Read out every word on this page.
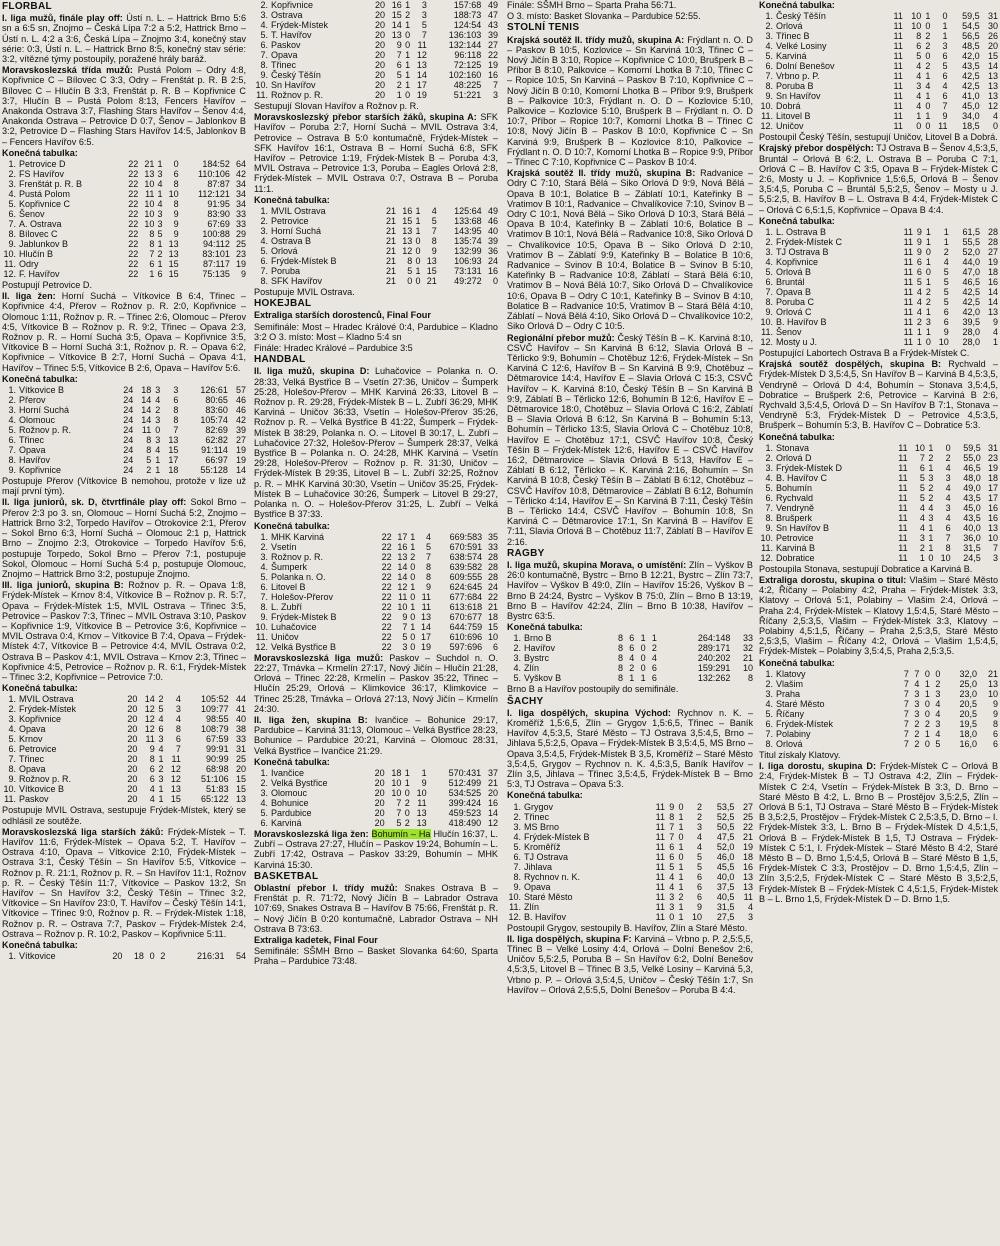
FLORBAL

I. liga mužů, finále play off: Ústí n. L. – Hattrick Brno 5:6 sn a 6:5 sn, Znojmo – Česká Lípa 7:2 a 5:2, Hattrick Brno – Ústí n. L. 4:2 a 3:6, Česká Lípa – Znojmo 3:4, konečný stav série: 0:3, Ústí n. L. – Hattrick Brno 8:5, konečný stav série: 3:2, vítězné týmy postoupily, poražené hrály baráž.

Moravskoslezská třída mužů: Pustá Polom – Odry 4:8, Kopřivnice C – Bílovec C 3:3, Odry – Frenštát p. R. B 2:5, Bílovec C – Hlučín B 3:3, Frenštát p. R. B – Kopřivnice C 3:7, Hlučín B – Pustá Polom 8:13, Fencers Havířov – Anakonda Ostrava 3:7, Flashing Stars Havířov – Šenov 4:4, Anakonda Ostrava – Petrovice D 0:7, Šenov – Jablonkov B 3:2, Petrovice D – Flashing Stars Havířov 14:5, Jablonkov B – Fencers Havířov 6:5.

Konečná tabulka:

1.	Petrovice D	22	21	1	0	184:52	64
2.	FS Havířov	22	13	3	6	110:106	42
3.	Frenštát p. R. B	22	10	4	8	87:87	34
4.	Pustá Polom	22	11	1	10	112:121	34
5.	Kopřivnice C	22	10	4	8	91:95	34
6.	Šenov	22	10	3	9	83:90	33
7.	A. Ostrava	22	10	3	9	67:69	33
8.	Bílovec C	22	8	5	9	100:88	29
9.	Jablunkov B	22	8	1	13	94:112	25
10.	Hlučín B	22	7	2	13	83:101	23
11.	Odry	22	6	1	15	87:117	19
12.	F. Havířov	22	1	6	15	75:135	9

Postupují Petrovice D.

II. liga žen: Horní Suchá – Vítkovice B 6:4, Třinec – Kopřivnice 4:4, Přerov – Rožnov p. R. 2:0, Kopřivnice – Olomouc 1:11, Rožnov p. R. – Třinec 2:6, Olomouc – Přerov 4:5, Vítkovice B – Rožnov p. R. 9:2, Třinec – Opava 2:3, Rožnov p. R. – Horní Suchá 3:5, Opava – Kopřivnice 3:5, Vítkovice B – Horní Suchá 3:1, Rožnov p. R. – Opava 6:2, Kopřivnice – Vítkovice B 2:7, Horní Suchá – Opava 4:1, Havířov – Třinec 5:5, Vítkovice B 2:6, Opava – Havířov 5:6.

Konečná tabulka:

1.	Vítkovice B	24	18	3	3	126:61	57
2.	Přerov	24	14	4	6	80:65	46
3.	Horní Suchá	24	14	2	8	83:60	46
4.	Olomouc	24	14	3	8	105:74	42
5.	Rožnov p. R.	24	11	0	7	82:69	39
6.	Třinec	24	8	3	13	62:82	27
7.	Opava	24	8	4	15	91:114	19
8.	Havířov	24	5	1	17	66:97	19
9.	Kopřivnice	24	2	1	18	55:128	14

Postupuje Přerov (Vítkovice B nemohou, protože v lize už mají první tým).

II. liga juniorů, sk. D, čtvrtfinále play off: Sokol Brno – Přerov 2:3 po 3. sn, Olomouc – Horní Suchá 5:2, Znojmo – Hattrick Brno 3:2, Torpedo Havířov – Otrokovice 2:1, Přerov – Sokol Brno 6:3, Horní Suchá – Olomouc 2:1 p, Hattrick Brno – Znojmo 2:3, Otrokovice – Torpedo Havířov 5:6, postupuje Torpedo, Sokol Brno – Přerov 7:1, postupuje Sokol, Olomouc – Horní Suchá 5:4 p, postupuje Olomouc, Znojmo – Hattrick Brno 3:2, postupuje Znojmo.

III. liga juniorů, skupina B: Rožnov p. R. – Opava 1:8, Frýdek-Místek – Krnov 8:4, Vítkovice B – Rožnov p. R. 5:7, Opava – Frýdek-Místek 1:5, MVIL Ostrava – Třinec 3:5, Petrovice – Paskov 7:3, Třinec – MVIL Ostrava 3:10, Paskov – Kopřivnice 1:9, Vítkovice B – Petrovice 3:6, Kopřivnice – MVIL Ostrava 0:4, Krnov – Vítkovice B 7:4, Opava – Frýdek-Místek 4:7, Vítkovice B – Petrovice 4:4, MVIL Ostrava 0:2, Ostrava B – Paskov 4:1, MVIL Ostrava – Krnov 2:3, Třinec – Kopřivnice 4:5, Petrovice – Rožnov p. R. 6:1, Frýdek-Místek – Třinec 3:2, Kopřivnice – Petrovice 7:0.

Konečná tabulka:

1.	MVIL Ostrava	20	14	2	4	105:52	44
2.	Frýdek-Místek	20	12	5	3	109:77	41
3.	Kopřivnice	20	12	4	4	98:55	40
4.	Opava	20	12	6	8	108:79	38
5.	Krnov	20	11	3	6	67:59	33
6.	Petrovice	20	9	4	7	99:91	31
7.	Třinec	20	8	1	11	90:99	25
8.	Opava	20	6	2	12	68:98	20
9.	Rožnov p. R.	20	6	3	12	51:106	15
10.	Vítkovice B	20	4	1	13	51:83	15
11.	Paskov	20	4	1	15	65:122	13

Postupuje MVIL Ostrava, sestupuje Frýdek-Místek, který se odhlásil ze soutěže.

Moravskoslezská liga starších žáků: Frýdek-Místek – T. Havířov 11:6, Frýdek-Místek – Opava 5:2, T. Havířov – Ostrava 4:10, Opava – Vítkovice 2:10, Frýdek-Místek – Ostrava 3:1, Český Těšín – Sn Havířov 5:5, Vítkovice – Rožnov p. R. 21:1, Rožnov p. R. – Sn Havířov 11:1, Rožnov p. R. – Český Těšín 11:7, Vítkovice – Paskov 13:2, Sn Havířov – Sn Havířov 3:2, Český Těšín – Třinec 3:2, Vítkovice – Sn Havířov 23:0, T. Havířov – Český Těšín 14:1, Vítkovice – Třinec 9:0, Rožnov p. R. – Frýdek-Místek 1:18, Rožnov p. R. – Ostrava 7:7, Paskov – Frýdek-Místek 2:4, Ostrava – Rožnov p. R. 10:2, Paskov – Kopřivnice 5:11.

Konečná tabulka:

1.	Vítkovice	20	18	0	2	216:31	54
2.	Kopřivnice	20	16	1	3	157:68	49
3.	Ostrava	20	15	2	3	188:73	47
4.	Frýdek-Místek	20	14	1	5	124:54	43
5.	T. Havířov	20	13	0	7	136:103	39
6.	Paskov	20	9	0	11	132:144	27
7.	Opava	20	7	1	12	96:118	22
8.	Třinec	20	6	1	13	72:125	19
9.	Český Těšín	20	5	1	14	102:160	16
10.	Sn Havířov	20	2	1	17	48:225	7
11.	Rožnov p. R.	20	1	0	19	51:221	3

Sestupují Slovan Havířov a Rožnov p. R.

Moravskoslezský přebor starších žáků, skupina A: SFK Havířov – Poruba 2:7, Horní Suchá – MVIL Ostrava 3:4, Petrovice – Ostrava B 5:0 kontumačně, Frýdek-Místek – SFK Havířov 16:1, Ostrava B – Horní Suchá 6:8, SFK Havířov – Petrovice 1:19, Frýdek-Místek B – Poruba 4:3, MVIL Ostrava – Petrovice 1:3, Poruba – Eagles Orlová 2:8, Frýdek-Místek – MVIL Ostrava 0:7, Ostrava B – Poruba 11:1.

Konečná tabulka:

1.	MVIL Ostrava	21	16	1	4	125:64	49
2.	Petrovice	21	15	1	5	133:68	46
3.	Horní Suchá	21	13	1	7	143:95	40
4.	Ostrava B	21	13	0	8	135:74	39
5.	Orlová	21	12	0	9	132:99	36
6.	Frýdek-Místek B	21	8	0	13	106:93	24
7.	Poruba	21	5	1	15	73:131	16
8.	SFK Havířov	21	0	0	21	49:272	0

Postupuje MVIL Ostrava.

HOKEJBAL

Extraliga starších dorostenců, Final Four

Semifinále: Most – Hradec Králové 0:4, Pardubice – Kladno 3:2 O 3. místo: Most – Kladno 5:4 sn

Finále: Hradec Králové – Pardubice 3:5

HANDBAL

II. liga mužů, skupina D: Luhačovice – Polanka n. O. 28:33, Velká Bystřice B – Vsetín 27:36, Uničov – Šumperk 25:28, Holešov-Přerov – MHK Karviná 26:33, Litovel B – Rožnov p. R. 29:28, Frýdek-Místek B – L. Zubří 36:29, MHK Karviná – Uničov 36:33, Vsetín – Holešov-Přerov 35:26, Rožnov p. R. – Velká Bystřice B 41:22, Šumperk – Frýdek-Místek B 38:29, Polanka n. O. – Litovel B 30:17, L. Zubří – Luhačovice 27:32, Holešov-Přerov – Šumperk 28:37, Velká Bystřice B – Polanka n. O. 24:28, MHK Karviná – Vsetín 29:28, Holešov-Přerov – Rožnov p. R. 31:30, Uničov – Frýdek-Místek B 29:35, Litovel B – L. Zubří 32:25, Rožnov p. R. – MHK Karviná 30:30, Vsetín – Uničov 35:25, Frýdek-Místek B – Luhačovice 30:26, Šumperk – Litovel B 29:27, Polanka n. O. – Holešov-Přerov 31:25, L. Zubří – Velká Bystřice B 37:33.

Konečná tabulka:

1.	MHK Karviná	22	17	1	4	669:583	35
2.	Vsetín	22	16	1	5	670:591	33
3.	Rožnov p. R.	22	13	2	7	638:574	28
4.	Šumperk	22	14	0	8	639:582	28
5.	Polanka n. O.	22	14	0	8	609:555	28
6.	Litovel B	22	12	1	9	624:645	24
7.	Holešov-Přerov	22	11	0	11	677:684	22
8.	L. Zubří	22	10	1	11	613:618	21
9.	Frýdek-Místek B	22	9	0	13	670:677	18
10.	Luhačovice	22	7	1	14	644:759	15
11.	Uničov	22	5	0	17	610:696	10
12.	Velká Bystřice B	22	3	0	19	597:696	6

Moravskoslezská liga mužů: Paskov – Suchdol n. O. 22:27, Trnávka – Krmelín 27:17, Nový Jičín – Hlučín 21:28, Orlová – Třinec 22:28, Krmelín – Paskov 35:22, Třinec – Hlučín 25:29, Orlová – Klimkovice 36:17, Klimkovice – Třinec 25:28, Trnávka – Orlová 27:13, Nový Jičín – Krmelín 24:30.

II. liga žen, skupina B: Ivančice – Bohunice 29:17, Pardubice – Karviná 31:13, Olomouc – Velká Bystřice 28:23, Bohunice – Pardubice 20:21, Karviná – Olomouc 28:31, Velká Bystřice – Ivančice 21:29.

Konečná tabulka:

1.	Ivančice	20	18	1	1	570:431	37
2.	Velká Bystřice	20	10	1	9	512:499	21
3.	Olomouc	20	10	0	10	534:525	20
4.	Bohunice	20	7	2	11	399:424	16
5.	Pardubice	20	7	0	13	459:523	14
6.	Karviná	20	5	2	13	418:490	12

Moravskoslezská liga žen: Bohumín – Ha Hlučín 16:37, L. Zubří – Ostrava 27:27, Hlučín – Paskov 19:24, Bohumín – L. Zubří 17:42, Ostrava – Paskov 33:29, Bohumín – MHK Karviná 15:30.

BASKETBAL

Oblastní přebor I. třídy mužů: Snakes Ostrava B – Frenštát p. R. 71:72, Nový Jičín B – Labrador Ostrava 107:69, Snakes Ostrava B – Havířov B 75:66, Frenštát p. R. – Nový Jičín B 0:20 kontumačně, Labrador Ostrava – NH Ostrava B 73:63.

Extraliga kadetek, Final Four

Semifinále: SŠMH Brno – Basket Slovanka 64:60, Sparta Praha – Pardubice 73:48.

Finále: SŠMH Brno – Sparta Praha 56:71.

O 3. místo: Basket Slovanka – Pardubice 52:55.

STOLNÍ TENIS

Krajská soutěž II. třídy mužů, skupina A: Frýdlant n. O. D – Paskov B 10:5, Kozlovice – Sn Karviná 10:3, Třinec C – Nový Jičín B 3:10, Ropice – Kopřivnice C 10:0, Brušperk B – Příbor B 8:10, Palkovice – Komorní Lhotka B 7:10, Třinec C – Ropice 10:5, Sn Karviná – Paskov B 7:10, Kopřivnice C – Nový Jičín B 0:10, Komorní Lhotka B – Příbor 9:9, Brušperk B – Palkovice 10:3, Frýdlant n. O. D – Kozlovice 5:10, Palkovice – Kozlovice 5:10, Brušperk B – Frýdlant n. O. D 10:7, Příbor – Ropice 10:7, Komorní Lhotka B – Třinec C 10:8, Nový Jičín B – Paskov B 10:0, Kopřivnice C – Sn Karviná 9:9, Brušperk B – Kozlovice 8:10, Palkovice – Frýdlant n. O. D 10:7, Komorní Lhotka B – Ropice 9:9, Příbor – Třinec C 7:10, Kopřivnice C – Paskov B 10:4.

Krajská soutěž II. třídy mužů, skupina B: Radvanice – Odry C 7:10, Stará Bělá – Siko Orlová D 9:9, Nová Bělá – Opava B 10:1, Bolatice B – Záblatí 10:1, Kateřinky B – Vratimov B 10:1, Radvanice – Chvalíkovice 7:10, Svinov B – Odry C 10:1, Nová Bělá – Siko Orlová D 10:3, Stará Bělá – Opava B 10:4, Kateřinky B – Záblatí 10:6, Bolatice B – Vratimov B 10:1, Nová Bělá – Radvanice 10:8, Siko Orlová D – Chvalíkovice 10:5, Opava B – Siko Orlová D 2:10, Vratimov B – Záblatí 9:9, Kateřinky B – Bolatice B 10:6, Radvanice – Svinov B 10:4, Bolatice B – Svinov B 5:10, Kateřinky B – Radvanice 10:8, Záblatí – Stará Bělá 6:10, Vratimov B – Nová Bělá 10:7, Siko Orlová D – Chvalíkovice 10:6, Opava B – Odry C 10:1, Kateřinky B – Svinov B 4:10, Bolatice B – Radvanice 10:5, Vratimov B – Stará Bělá 4:10, Záblatí – Nová Bělá 4:10, Siko Orlová D – Chvalíkovice 10:2, Siko Orlová D – Odry C 10:5.

Regionální přebor mužů: Český Těšín B – K. Karviná 8:10, CSVČ Havířov – Sn Karviná B 6:12, Slavia Orlová B – Těrlicko 9:9, Bohumín – Chotěbuz 12:6, Frýdek-Místek – Sn Karviná C 12:6, Havířov B – Sn Karviná B 9:9, Chotěbuz – Dětmarovice 14:4, Havířov E – Slavia Orlová C 15:3, CSVČ Havířov – K. Karviná 8:10, Český Těšín B – Sn Karviná B 9:9, Záblatí B – Těrlicko 12:6, Bohumín B 12:6, Havířov E – Dětmarovice 18:0, Chotěbuz – Slavia Orlová C 16:2, Záblatí B – Slavia Orlová B 6:12, Sn Karviná B – Bohumín 5:13, Bohumín – Těrlicko 13:5, Slavia Orlová C – Chotěbuz 10:8, Havířov E – Chotěbuz 17:1, CSVČ Havířov 10:8, Český Těšín B – Frýdek-Místek 12:6, Havířov E – CSVČ Havířov 16:2, Dětmarovice – Slavia Orlová B 5:13, Havířov E – Záblatí B 6:12, Těrlicko – K. Karviná 2:16, Bohumín – Sn Karviná B 10:8, Český Těšín B – Záblatí B 6:12, Chotěbuz – CSVČ Havířov 10:8, Dětmarovice – Záblatí B 6:12, Bohumín – Těrlicko 4:14, Havířov E – Sn Karviná B 7:11, Český Těšín B – Těrlicko 14:4, CSVČ Havířov – Bohumín 10:8, Sn Karviná C – Dětmarovice 17:1, Sn Karviná B – Havířov E 7:11, Slavia Orlová B – Chotěbuz 11:7, Záblatí B – Havířov E 2:16.

RAGBY

I. liga mužů, skupina Morava, o umístění: Zlín – Vyškov B 26:0 kontumačně, Bystrc – Brno B 12:21, Bystrc – Zlín 73:7, Havířov – Vyškov B 49:0, Zlín – Havířov 15:26, Vyškov B – Brno B 24:24, Bystrc – Vyškov B 75:0, Zlín – Brno B 13:19, Brno B – Havířov 42:24, Zlín – Brno B 10:38, Havířov – Bystrc 63:5.

Konečná tabulka:

1.	Brno B	8	6	1	1	264:148	33
2.	Havířov	8	6	0	2	289:171	32
3.	Bystrc	8	4	0	4	240:202	21
4.	Zlín	8	2	0	6	159:291	10
5.	Vyškov B	8	1	1	6	132:262	8

Brno B a Havířov postoupily do semifinále.

ŠACHY

I. liga dospělých, skupina Východ: Rychnov n. K. – Kroměříž 1,5:6,5, Zlín – Grygov 1,5:6,5, Třinec – Baník Havířov 4,5:3,5, Staré Město – TJ Ostrava 3,5:4,5, Brno – Jihlava 5,5:2,5, Opava – Frýdek-Místek B 3,5:4,5, MS Brno – Opava 3,5:4,5, Frýdek-Místek B 3,5, Kroměříž – Staré Město 3,5:4,5, Grygov – Rychnov n. K. 4,5:3,5, Baník Havířov – Zlín 3,5, Jihlava – Třinec 3,5:4,5, Frýdek-Místek B – Brno 5:3, TJ Ostrava – Opava 5:3.

Konečná tabulka:

1.	Grygov	11	9	0	2	53,5	27
2.	Třinec	11	8	1	2	52,5	25
3.	MS Brno	11	7	1	3	50,5	22
4.	Frýdek-Místek B	11	7	0	4	47,5	21
5.	Kroměříž	11	6	1	4	52,0	19
6.	TJ Ostrava	11	6	0	5	46,0	18
7.	Jihlava	11	5	1	5	45,5	16
8.	Rychnov n. K.	11	4	1	6	40,0	13
9.	Opava	11	4	1	6	37,5	13
10.	Staré Město	11	3	2	6	40,5	11
11.	Zlín	11	3	1	9	31,5	4
12.	B. Havířov	11	0	1	10	27,5	3

Postoupil Grygov, sestoupily B. Havířov, Zlín a Staré Město.

II. liga dospělých, skupina F: Karviná – Vrbno p. P. 2,5:5,5, Třinec B – Velké Losiny 4:4, Orlová – Dolní Benešov 2:6, Uničov 5,5:2,5, Poruba B – Sn Havířov 6:2, Dolní Benešov 4,5:3,5, Litovel B – Třinec B 3,5, Velké Losiny – Karviná 5,3, Vrbno p. P. – Orlová 3,5:4,5, Uničov – Český Těšín 1:7, Sn Havířov – Orlová 2,5:5,5, Dolní Benešov – Poruba B 4:4.

Konečná tabulka:

1.	Český Těšín	11	10	1	0	59,5	31
2.	Orlová	11	10	0	1	54,5	30
3.	Třinec B	11	8	2	1	56,5	26
4.	Velké Losiny	11	6	2	3	48,5	20
5.	Karviná	11	5	0	6	42,0	15
6.	Dolní Benešov	11	4	2	5	43,5	14
7.	Vrbno p. P.	11	4	1	6	42,5	13
8.	Poruba B	11	3	4	4	42,5	13
9.	Sn Havířov	11	4	1	6	41,0	13
10.	Dobrá	11	4	0	7	45,0	12
11.	Litovel B	11	1	1	9	34,0	4
12.	Uničov	11	0	0	11	18,5	0

Postoupil Český Těšín, sestupují Uničov, Litovel B a Dobrá.

Krajský přebor dospělých: TJ Ostrava B – Šenov 4,5:3,5, Bruntál – Orlová B 6:2, L. Ostrava B – Poruba C 7:1, Orlová C – B. Havířov C 3:5, Opava B – Frýdek-Místek C 2:6, Mosty u J. – Kopřivnice 1,5:6,5, Orlová B – Šenov 3,5:4,5, Poruba C – Bruntál 5,5:2,5, Šenov – Mosty u J. 5,5:2,5, B. Havířov B – L. Ostrava B 4:4, Frýdek-Místek C – Orlová C 6,5:1,5, Kopřivnice – Opava B 4:4.

Konečná tabulka:

1.	L. Ostrava B	11	9	1	1	61,5	28
2.	Frýdek-Místek C	11	9	1	1	55,5	28
3.	TJ Ostrava B	11	9	0	2	52,0	27
4.	Kopřivnice	11	6	1	4	44,0	19
5.	Orlová B	11	6	0	5	47,0	18
6.	Bruntál	11	5	1	5	46,5	16
7.	Opava B	11	4	2	5	42,5	14
8.	Poruba C	11	4	2	5	42,5	14
9.	Orlová C	11	4	1	6	42,0	13
10.	B. Havířov B	11	2	3	6	39,5	9
11.	Šenov	11	1	1	9	28,0	4
12.	Mosty u J.	11	1	0	10	28,0	1

Postupující Labortech Ostrava B a Frýdek-Místek C.

Krajská soutěž dospělých, skupina B: Rychvald – Frýdek-Místek D 3,5:4,5, Sn Havířov B – Karviná B 4,5:3,5, Vendryně – Orlová D 4:4, Bohumín – Stonava 3,5:4,5, Dobratice – Brušperk 2:6, Petrovice – Karviná B 2:6, Rychvald 3,5:4,5, Orlová D – Sn Havířov B 7:1, Stonava – Vendryně 5:3, Frýdek-Místek D – Petrovice 4,5:3,5, Brušperk – Bohumín 5:3, B. Havířov C – Dobratice 5:3.

Konečná tabulka:

1.	Stonava	11	10	1	0	59,5	31
2.	Orlová D	11	7	2	2	55,0	23
3.	Frýdek-Místek D	11	6	1	4	46,5	19
4.	B. Havířov C	11	5	3	3	48,0	18
5.	Bohumín	11	5	2	4	49,0	17
6.	Rychvald	11	5	2	4	43,5	17
7.	Vendryně	11	4	4	3	45,0	16
8.	Brušperk	11	4	3	4	43,5	16
9.	Sn Havířov B	11	4	1	6	40,0	13
10.	Petrovice	11	3	1	7	36,0	10
11.	Karviná B	11	2	1	8	31,5	7
12.	Dobratice	11	1	0	10	24,5	3

Postoupila Stonava, sestupují Dobratice a Karviná B.

Extraliga dorostu, skupina o titul: Vlašim – Staré Město 4:2, Říčany – Polabiny 4:2, Praha – Frýdek-Místek 3:3, Klatovy – Orlová 5:1, Polabiny – Vlašim 2:4, Orlová – Praha 2:4, Frýdek-Místek – Klatovy 1,5:4,5, Staré Město – Říčany 2,5:3,5, Vlašim – Frýdek-Místek 3:3, Klatovy – Polabiny 4,5:1,5, Říčany – Praha 2,5:3,5, Staré Město 2,5:3,5, Vlašim – Říčany 4:2, Orlová – Vlašim 1,5:4,5, Frýdek-Místek – Polabiny 3,5:4,5, Praha 2,5:3,5.

Konečná tabulka:

1.	Klatovy	7	7	0	0	32,0	21
2.	Vlašim	7	4	1	2	25,0	13
3.	Praha	7	3	1	3	23,0	10
4.	Staré Město	7	3	0	4	20,5	9
5.	Říčany	7	3	0	4	20,5	9
6.	Frýdek-Místek	7	2	2	3	19,5	8
7.	Polabiny	7	2	1	4	18,0	6
8.	Orlová	7	2	0	5	16,0	6

Titul získaly Klatovy.

I. liga dorostu, skupina D: Frýdek-Místek C – Orlová B 2:4, Frýdek-Místek B – TJ Ostrava 4:2, Zlín – Frýdek-Místek C 2:4, Vsetín – Frýdek-Místek B 3:3, D. Brno – Staré Město B 4:2, L. Brno B – Prostějov 3,5:2,5, Zlín – Orlová B 5:1, TJ Ostrava – Staré Město B – Frýdek-Místek B 3,5:2,5, Prostějov – Frýdek-Místek C 2,5:3,5, D. Brno – I. Frýdek-Místek 3:3, L. Brno B – Frýdek-Místek D 4,5:1,5, Orlová B – Frýdek-Místek B 1,5, TJ Ostrava – Frýdek-Místek C 5:1, I. Frýdek-Místek – Staré Město B 4:2, Staré Město B – D. Brno 1,5:4,5, Orlová B – Staré Město B 1,5, Frýdek-Místek C 3:3, Prostějov – D. Brno 1,5:4,5, Zlín – Zlín 3,5:2,5, Frýdek-Místek C – Staré Město B 3,5:2,5, Frýdek-Místek B – Frýdek-Místek C 4,5:1,5, Frýdek-Místek B – L. Brno 1,5, Frýdek-Místek D – D. Brno 1,5.
